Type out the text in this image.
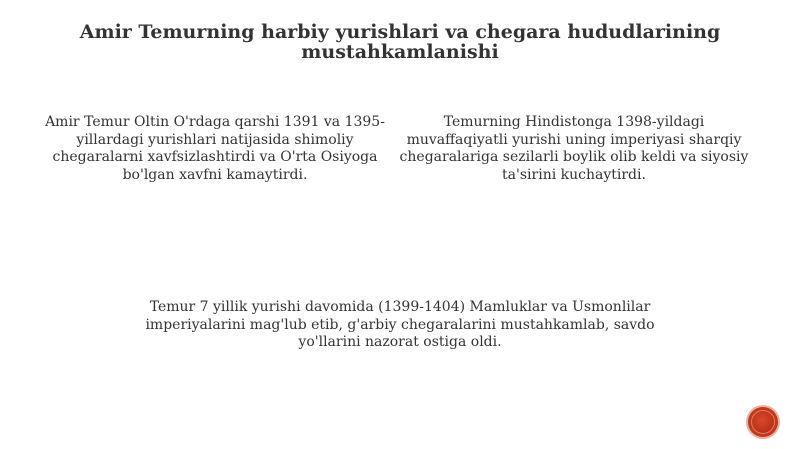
Amir Temurning harbiy yurishlari va chegara hududlarining mustahkamlanishi

Amir Temur Oltin O'rdaga qarshi 1391 va 1395-yillardagi yurishlari natijasida shimoliy chegaralarni xavfsizlashtirdi va O'rta Osiyoga bo'lgan xavfni kamaytirdi.

Temurning Hindistonga 1398-yildagi muvaffaqiyatli yurishi uning imperiyasi sharqiy chegaralariga sezilarli boylik olib keldi va siyosiy ta'sirini kuchaytirdi.

Temur 7 yillik yurishi davomida (1399-1404) Mamluklar va Usmonlilar imperiyalarini mag'lub etib, g'arbiy chegaralarini mustahkamlab, savdo yo'llarini nazorat ostiga oldi.
